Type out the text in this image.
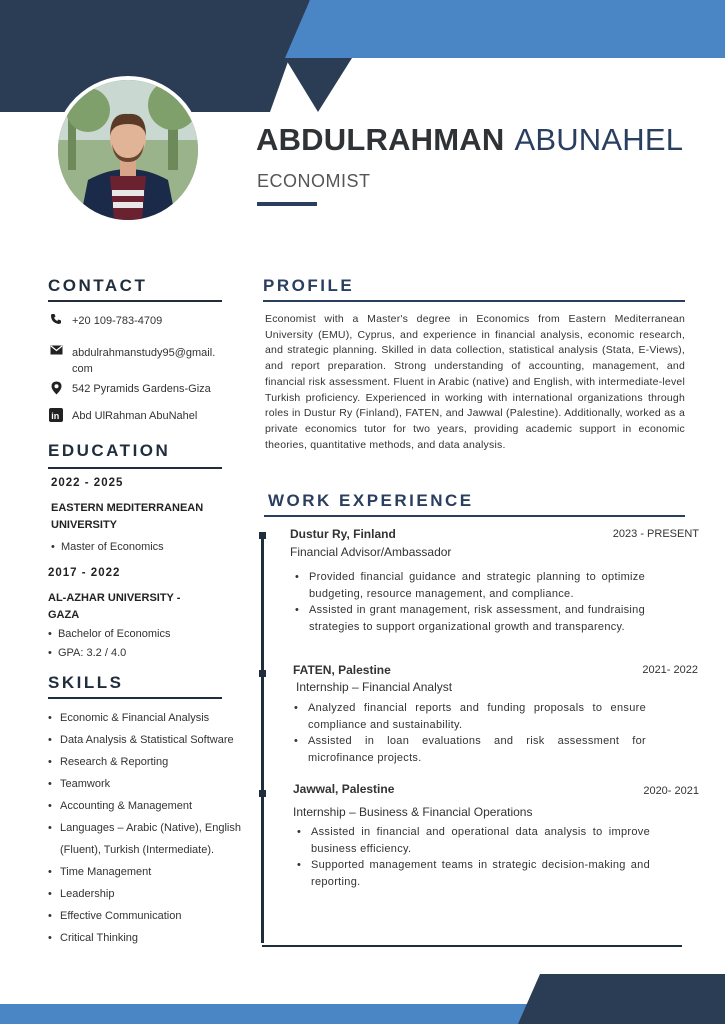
ABDULRAHMAN ABUNAHEL
ECONOMIST
CONTACT
+20 109-783-4709
abdulrahmanstudy95@gmail. com
542 Pyramids Gardens-Giza
in Abd UlRahman AbuNahel
EDUCATION
2022 - 2025
EASTERN MEDITERRANEAN UNIVERSITY
•  Master of Economics
2017 - 2022
AL-AZHAR UNIVERSITY - GAZA
•  Bachelor of Economics
•  GPA: 3.2 / 4.0
SKILLS
• Economic & Financial Analysis
• Data Analysis & Statistical Software
• Research & Reporting
• Teamwork
• Accounting & Management
• Languages – Arabic (Native), English (Fluent), Turkish (Intermediate).
• Time Management
• Leadership
• Effective Communication
• Critical Thinking
PROFILE
Economist with a Master's degree in Economics from Eastern Mediterranean University (EMU), Cyprus, and experience in financial analysis, economic research, and strategic planning. Skilled in data collection, statistical analysis (Stata, E-Views), and report preparation. Strong understanding of accounting, management, and financial risk assessment. Fluent in Arabic (native) and English, with intermediate-level Turkish proficiency. Experienced in working with international organizations through roles in Dustur Ry (Finland), FATEN, and Jawwal (Palestine). Additionally, worked as a private economics tutor for two years, providing academic support in economic theories, quantitative methods, and data analysis.
WORK EXPERIENCE
Dustur Ry, Finland	2023 - PRESENT
Financial Advisor/Ambassador
• Provided financial guidance and strategic planning to optimize budgeting, resource management, and compliance.
• Assisted in grant management, risk assessment, and fundraising strategies to support organizational growth and transparency.
FATEN, Palestine	2021- 2022
Internship – Financial Analyst
• Analyzed financial reports and funding proposals to ensure compliance and sustainability.
• Assisted in loan evaluations and risk assessment for microfinance projects.
Jawwal, Palestine	2020- 2021
Internship – Business & Financial Operations
• Assisted in financial and operational data analysis to improve business efficiency.
• Supported management teams in strategic decision-making and reporting.
